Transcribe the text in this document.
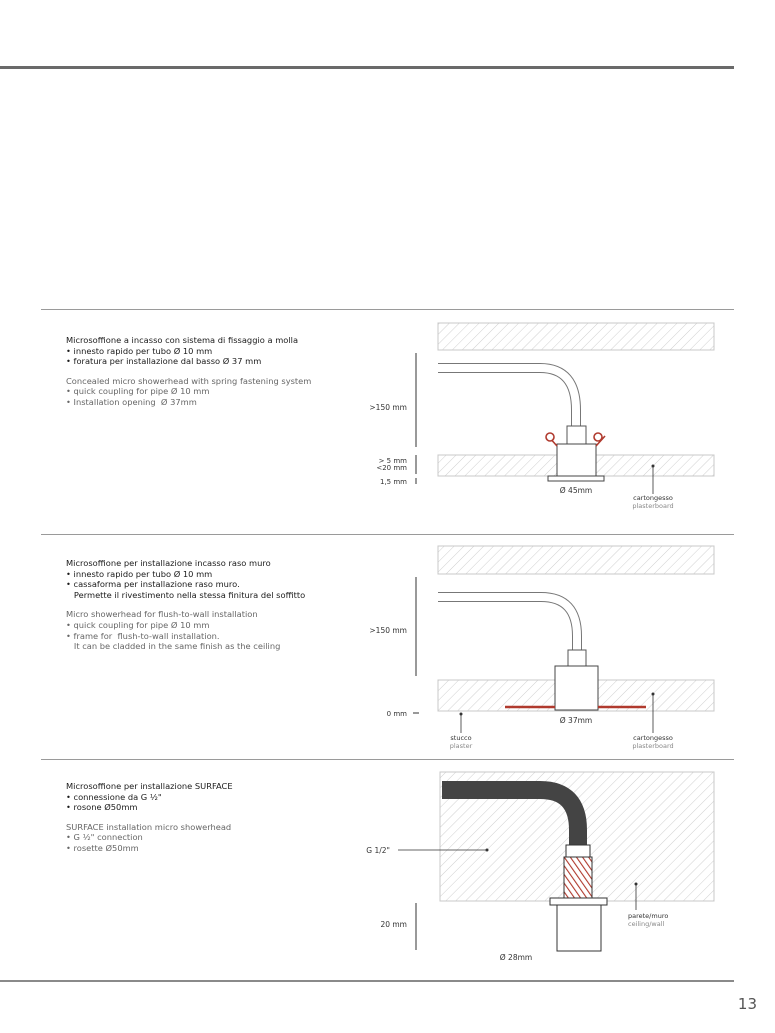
13
Microsoffione a incasso con sistema di fissaggio a molla
• innesto rapido per tubo Ø 10 mm
• foratura per installazione dal basso Ø 37 mm
Concealed micro showerhead with spring fastening system
• quick coupling for pipe Ø 10 mm
• Installation opening  Ø 37mm
Microsoffione per installazione incasso raso muro
• innesto rapido per tubo Ø 10 mm
• cassaforma per installazione raso muro.
Permette il rivestimento nella stessa finitura del soffitto
Micro showerhead for flush-to-wall installation
• quick coupling for pipe Ø 10 mm
• frame for  flush-to-wall installation.
It can be cladded in the same finish as the ceiling
Microsoffione per installazione SURFACE
• connessione da G ½"
• rosone Ø50mm
SURFACE installation micro showerhead
• G ½" connection
• rosette Ø50mm
>150 mm
> 5 mm
<20 mm
1,5 mm
Ø 45mm
cartongesso
plasterboard
>150 mm
0 mm
Ø 37mm
stucco
plaster
cartongesso
plasterboard
G 1/2"
20 mm
Ø 28mm
parete/muro
ceiling/wall
